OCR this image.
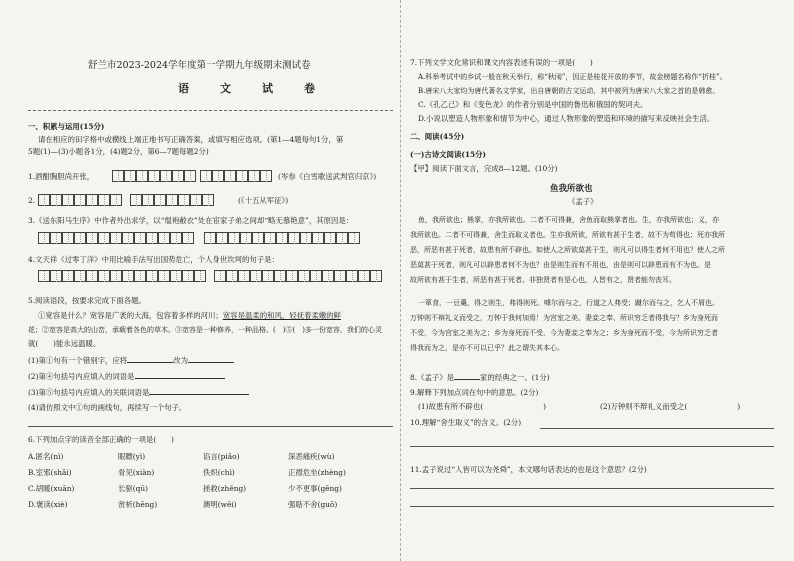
舒兰市2023-2024学年度第一学期九年级期末测试卷
语　文　试　卷
一、积累与运用(15分)
请在相应的田字格中或横线上端正地书写正确答案，或填写相应选项。(第1—4题每句1分，第
5题(1)—(3)小题各1分，(4)题2分，第6—7题每题2分)
1.酒酣胸胆尚开张，	(岑参《白雪歌送武判官归京》)
2.	(《十五从军征》)
3.《送东阳马生序》中作者外出求学，以“缊袍敝衣”处在宦家子弟之间却“略无慕艳意”，其原因是：
4.文天祥《过零丁洋》中用比喻手法写出国势危亡，个人身世坎坷的句子是：
5.阅读语段，按要求完成下面各题。
①宽容是什么？宽容是广袤的大海，包容着多样的河川；宽容是温柔的和风，轻抚着柔嫩的鲜
花；②宽容是高大的山峦，承载着各色的草木。③宽容是一种修养，一种品格。(　)⑤(　)多一份宽容，我们的心灵
就(　　)能永远温暖。
(1)第①句有一个错别字，应将	改为
(2)第④句括号内应填入的词语是
(3)第⑤句括号内应填入的关联词语是
(4)请仿照文中①句的画线句，再续写一个句子。
6.下列加点字的读音全部正确的一项是(　　)
A.匿名(nì)	眼瞟(yì)	谄言(piǎo)	深恶痛疾(wù)
B.室邪(shǎi)	骨见(xiàn)	佚炽(chì)	正襟危坐(zhèng)
C.胡暖(xuān)	长驱(qū)	拯救(zhěng)	少不更事(gēng)
D.褒读(xiè)	赏析(hēng)	澳明(wēi)	强聒不舍(guō)
7.下列文学文化常识和课文内容表述有误的一项是(　　)
A.科举考试中的乡试一般在秋天举行，称“秋闱”，因正是桂花开放的季节，故金榜题名称作“折桂”。
B.唐宋八大家均为唐代著名文学家，出自唐朝的古文运动，其中被列为唐宋八大家之首的是韩愈。
C.《孔乙己》和《变色龙》的作者分别是中国的鲁迅和俄国的契诃夫。
D.小说以塑造人物形象和情节为中心，通过人物形象的塑造和环境的描写来反映社会生活。
二、阅读(45分)
(一)古诗文阅读(15分)
【甲】阅读下面文言，完成8—12题。(10分)
鱼我所欲也
《孟子》
鱼，我所欲也；熊掌，亦我所欲也。二者不可得兼，舍鱼而取熊掌者也。生，亦我所欲也；义，亦
我所欲也。二者不可得兼，舍生而取义者也。生亦我所欲，所欲有甚于生者，故不为苟得也；死亦我所
恶，所恶有甚于死者，故患有所不辟也。如使人之所欲莫甚于生，则凡可以得生者何不用也？使人之所
恶莫甚于死者，则凡可以辟患者何不为也？由是则生而有不用也，由是则可以辟患而有不为也。是
故所欲有甚于生者，所恶有甚于死者。非独贤者有是心也，人皆有之，贤者能勿丧耳。
一箪食，一豆羹，得之则生，弗得则死。嘑尔而与之，行道之人弗受；蹴尔而与之，乞人不屑也。
万钟则不辩礼义而受之，万钟于我何加焉！为宫室之美、妻妾之奉、所识穷乏者得我与？乡为身死而
不受，今为宫室之美为之；乡为身死而不受，今为妻妾之奉为之；乡为身死而不受，今为所识穷乏者
得我而为之，是亦不可以已乎？此之谓失其本心。
8.《孟子》是	家的经典之一。(1分)
9.解释下列加点词在句中的意思。(2分)
(1)故患有所不辟也(	)	(2)万钟则不辩礼义而受之(	)
10.理解“舍生取义”的含义。(2分)
11.孟子说过“人皆可以为尧舜”，本文哪句话表达的也是这个意思？(2分)
